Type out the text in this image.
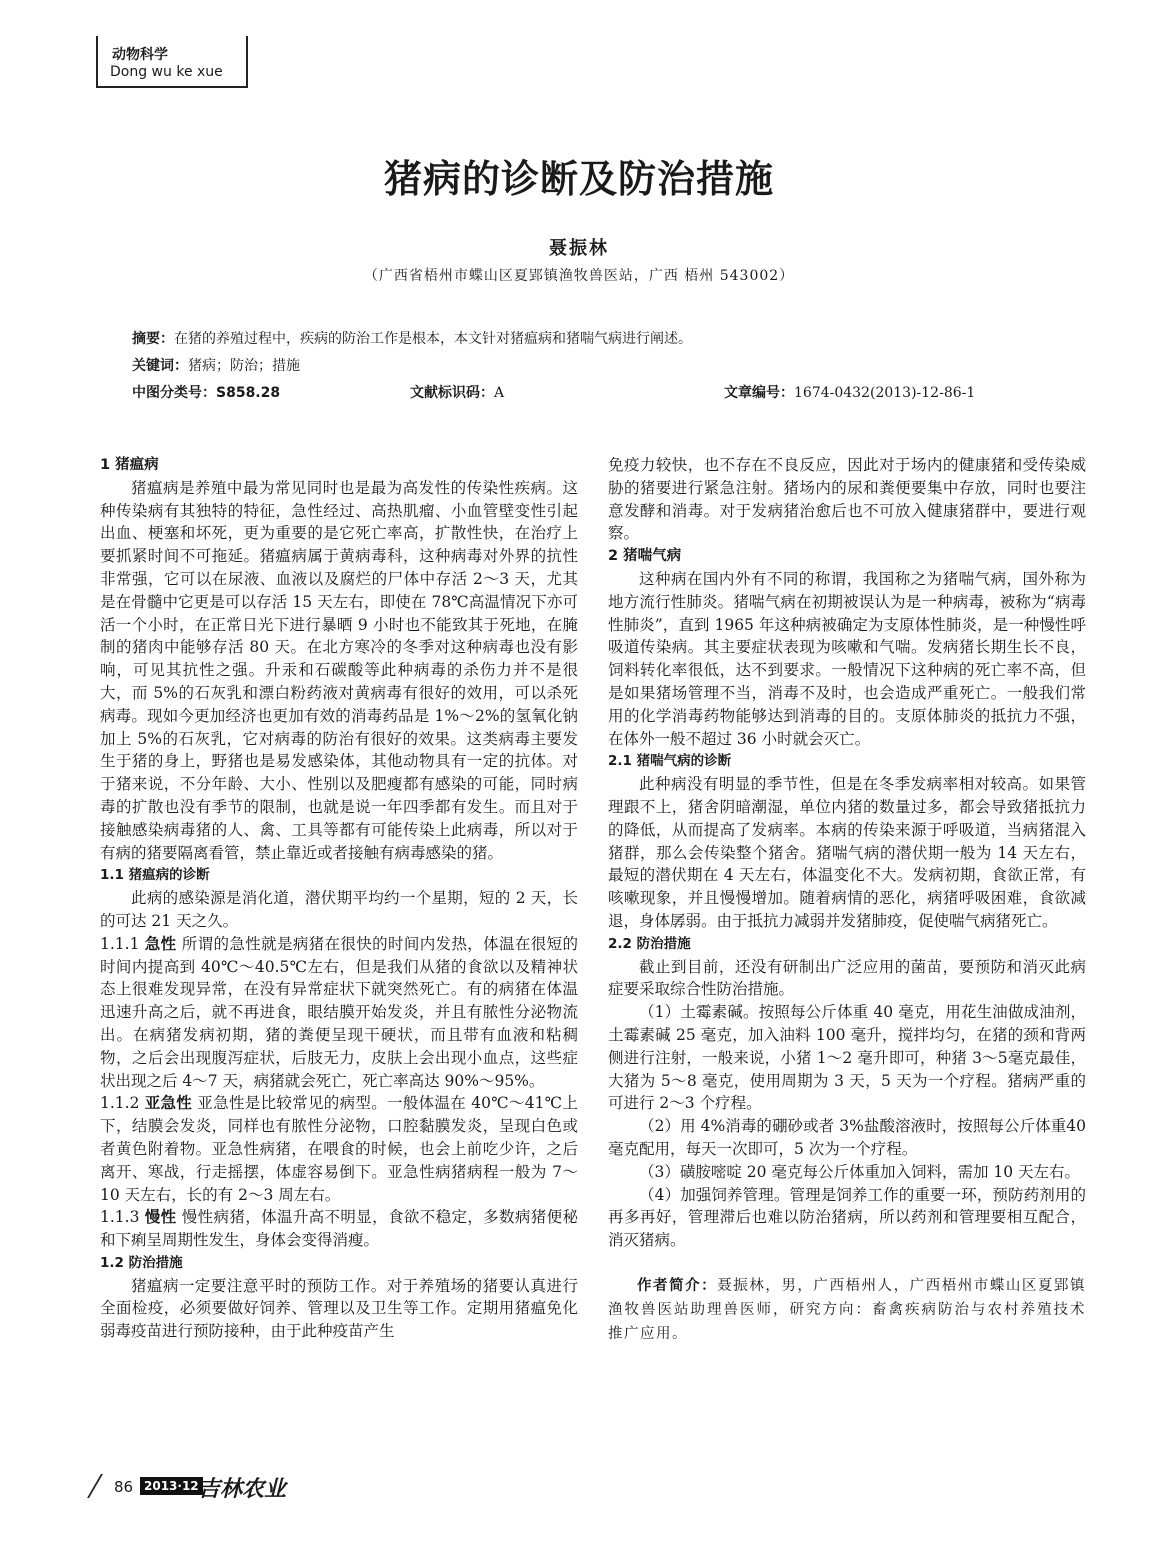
动物科学
Dong wu ke xue
猪病的诊断及防治措施
聂振林
（广西省梧州市蝶山区夏郢镇渔牧兽医站，广西 梧州 543002）
摘要：在猪的养殖过程中，疾病的防治工作是根本，本文针对猪瘟病和猪喘气病进行阐述。
关键词：猪病；防治；措施
中图分类号：S858.28	文献标识码：A	文章编号：1674-0432(2013)-12-86-1
1 猪瘟病

猪瘟病是养殖中最为常见同时也是最为高发性的传染性疾病。这种传染病有其独特的特征，急性经过、高热肌瘤、小血管壁变性引起出血、梗塞和坏死，更为重要的是它死亡率高，扩散性快，在治疗上要抓紧时间不可拖延。猪瘟病属于黄病毒科，这种病毒对外界的抗性非常强，它可以在尿液、血液以及腐烂的尸体中存活 2～3 天，尤其是在骨髓中它更是可以存活 15 天左右，即使在 78℃高温情况下亦可活一个小时，在正常日光下进行暴晒 9 小时也不能致其于死地，在腌制的猪肉中能够存活 80 天。在北方寒冷的冬季对这种病毒也没有影响，可见其抗性之强。升汞和石碳酸等此种病毒的杀伤力并不是很大，而 5%的石灰乳和漂白粉药液对黄病毒有很好的效用，可以杀死病毒。现如今更加经济也更加有效的消毒药品是 1%～2%的氢氧化钠加上 5%的石灰乳，它对病毒的防治有很好的效果。这类病毒主要发生于猪的身上，野猪也是易发感染体，其他动物具有一定的抗体。对于猪来说，不分年龄、大小、性别以及肥瘦都有感染的可能，同时病毒的扩散也没有季节的限制，也就是说一年四季都有发生。而且对于接触感染病毒猪的人、禽、工具等都有可能传染上此病毒，所以对于有病的猪要隔离看管，禁止靠近或者接触有病毒感染的猪。

1.1 猪瘟病的诊断

此病的感染源是消化道，潜伏期平均约一个星期，短的 2 天，长的可达 21 天之久。

1.1.1 急性 所谓的急性就是病猪在很快的时间内发热，体温在很短的时间内提高到 40℃～40.5℃左右，但是我们从猪的食欲以及精神状态上很难发现异常，在没有异常症状下就突然死亡。有的病猪在体温迅速升高之后，就不再进食，眼结膜开始发炎，并且有脓性分泌物流出。在病猪发病初期，猪的粪便呈现干硬状，而且带有血液和粘稠物，之后会出现腹泻症状，后肢无力，皮肤上会出现小血点，这些症状出现之后 4～7 天，病猪就会死亡，死亡率高达 90%～95%。

1.1.2 亚急性 亚急性是比较常见的病型。一般体温在 40℃～41℃上下，结膜会发炎，同样也有脓性分泌物，口腔黏膜发炎，呈现白色或者黄色附着物。亚急性病猪，在喂食的时候，也会上前吃少许，之后离开、寒战，行走摇摆，体虚容易倒下。亚急性病猪病程一般为 7～10 天左右，长的有 2～3 周左右。

1.1.3 慢性 慢性病猪，体温升高不明显，食欲不稳定，多数病猪便秘和下痢呈周期性发生，身体会变得消瘦。

1.2 防治措施

猪瘟病一定要注意平时的预防工作。对于养殖场的猪要认真进行全面检疫，必须要做好饲养、管理以及卫生等工作。定期用猪瘟免化弱毒疫苗进行预防接种，由于此种疫苗产生

免疫力较快，也不存在不良反应，因此对于场内的健康猪和受传染威胁的猪要进行紧急注射。猪场内的尿和粪便要集中存放，同时也要注意发酵和消毒。对于发病猪治愈后也不可放入健康猪群中，要进行观察。

2 猪喘气病

这种病在国内外有不同的称谓，我国称之为猪喘气病，国外称为地方流行性肺炎。猪喘气病在初期被误认为是一种病毒，被称为“病毒性肺炎”，直到 1965 年这种病被确定为支原体性肺炎，是一种慢性呼吸道传染病。其主要症状表现为咳嗽和气喘。发病猪长期生长不良，饲料转化率很低，达不到要求。一般情况下这种病的死亡率不高，但是如果猪场管理不当，消毒不及时，也会造成严重死亡。一般我们常用的化学消毒药物能够达到消毒的目的。支原体肺炎的抵抗力不强，在体外一般不超过 36 小时就会灭亡。

2.1 猪喘气病的诊断

此种病没有明显的季节性，但是在冬季发病率相对较高。如果管理跟不上，猪舍阴暗潮湿，单位内猪的数量过多，都会导致猪抵抗力的降低，从而提高了发病率。本病的传染来源于呼吸道，当病猪混入猪群，那么会传染整个猪舍。猪喘气病的潜伏期一般为 14 天左右，最短的潜伏期在 4 天左右，体温变化不大。发病初期，食欲正常，有咳嗽现象，并且慢慢增加。随着病情的恶化，病猪呼吸困难，食欲减退，身体孱弱。由于抵抗力减弱并发猪肺疫，促使喘气病猪死亡。

2.2 防治措施

截止到目前，还没有研制出广泛应用的菌苗，要预防和消灭此病症要采取综合性防治措施。

（1）土霉素碱。按照每公斤体重 40 毫克，用花生油做成油剂，土霉素碱 25 毫克，加入油料 100 毫升，搅拌均匀，在猪的颈和背两侧进行注射，一般来说，小猪 1～2 毫升即可，种猪 3～5毫克最佳，大猪为 5～8 毫克，使用周期为 3 天，5 天为一个疗程。猪病严重的可进行 2～3 个疗程。

（2）用 4%消毒的硼砂或者 3%盐酸溶液时，按照每公斤体重40 毫克配用，每天一次即可，5 次为一个疗程。

（3）磺胺嘧啶 20 毫克每公斤体重加入饲料，需加 10 天左右。

（4）加强饲养管理。管理是饲养工作的重要一环，预防药剂用的再多再好，管理滞后也难以防治猪病，所以药剂和管理要相互配合，消灭猪病。

作者简介：聂振林，男，广西梧州人，广西梧州市蝶山区夏郢镇渔牧兽医站助理兽医师，研究方向：畜禽疾病防治与农村养殖技术推广应用。

86 2013·12 吉林农业
